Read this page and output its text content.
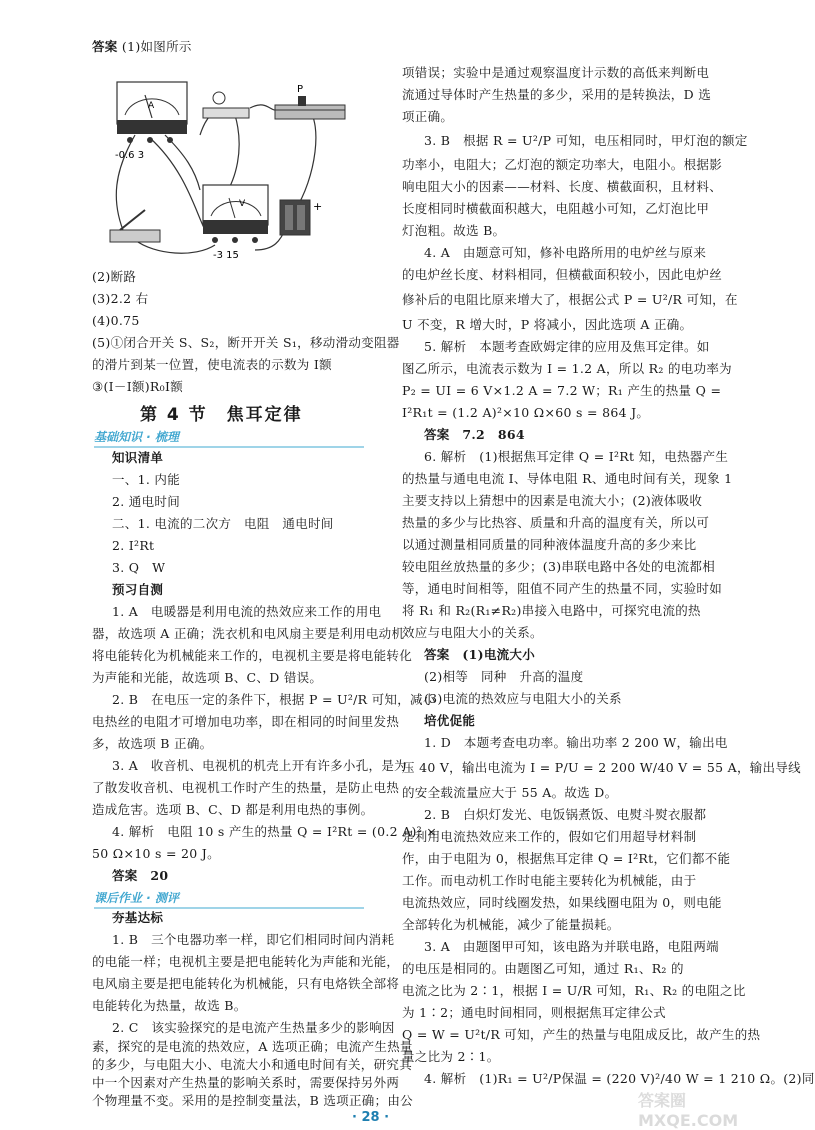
答案 (1)如图所示
A
-0.6 3
P
V
-3 15
+
(2)断路
(3)2.2 右
(4)0.75
(5)①闭合开关 S、S₂，断开开关 S₁，移动滑动变阻器
的滑片到某一位置，使电流表的示数为 I额
③(I－I额)R₀I额
第 4 节　焦耳定律
基础知识 · 梳理
知识清单
一、1. 内能
2. 通电时间
二、1. 电流的二次方　电阻　通电时间
2. I²Rt
3. Q　W
预习自测
1. A　电暖器是利用电流的热效应来工作的用电
器，故选项 A 正确；洗衣机和电风扇主要是利用电动机
将电能转化为机械能来工作的，电视机主要是将电能转化
为声能和光能，故选项 B、C、D 错误。
2. B　在电压一定的条件下，根据 P = U²/R 可知，减小
电热丝的电阻才可增加电功率，即在相同的时间里发热
多，故选项 B 正确。
3. A　收音机、电视机的机壳上开有许多小孔，是为
了散发收音机、电视机工作时产生的热量，是防止电热
造成危害。选项 B、C、D 都是利用电热的事例。
4. 解析　电阻 10 s 产生的热量 Q = I²Rt = (0.2 A)² ×
50 Ω×10 s = 20 J。
答案　20
课后作业 · 测评
夯基达标
1. B　三个电器功率一样，即它们相同时间内消耗
的电能一样；电视机主要是把电能转化为声能和光能，
电风扇主要是把电能转化为机械能，只有电烙铁全部将
电能转化为热量，故选 B。
2. C　该实验探究的是电流产生热量多少的影响因
素，探究的是电流的热效应，A 选项正确；电流产生热量
的多少，与电阻大小、电流大小和通电时间有关，研究其
中一个因素对产生热量的影响关系时，需要保持另外两
个物理量不变。采用的是控制变量法，B 选项正确；由公
项错误；实验中是通过观察温度计示数的高低来判断电
流通过导体时产生热量的多少，采用的是转换法，D 选
项正确。
3. B　根据 R = U²/P 可知，电压相同时，甲灯泡的额定
功率小，电阻大；乙灯泡的额定功率大，电阻小。根据影
响电阻大小的因素——材料、长度、横截面积，且材料、
长度相同时横截面积越大，电阻越小可知，乙灯泡比甲
灯泡粗。故选 B。
4. A　由题意可知，修补电路所用的电炉丝与原来
的电炉丝长度、材料相同，但横截面积较小，因此电炉丝
修补后的电阻比原来增大了，根据公式 P = U²/R 可知，在
U 不变，R 增大时，P 将减小，因此选项 A 正确。
5. 解析　本题考查欧姆定律的应用及焦耳定律。如
图乙所示，电流表示数为 I = 1.2 A，所以 R₂ 的电功率为
P₂ = UI = 6 V×1.2 A = 7.2 W；R₁ 产生的热量 Q =
I²R₁t = (1.2 A)²×10 Ω×60 s = 864 J。
答案　7.2　864
6. 解析　(1)根据焦耳定律 Q = I²Rt 知，电热器产生
的热量与通电电流 I、导体电阻 R、通电时间有关，现象 1
主要支持以上猜想中的因素是电流大小；(2)液体吸收
热量的多少与比热容、质量和升高的温度有关，所以可
以通过测量相同质量的同种液体温度升高的多少来比
较电阻丝放热量的多少；(3)串联电路中各处的电流都相
等，通电时间相等，阻值不同产生的热量不同，实验时如
将 R₁ 和 R₂(R₁≠R₂)串接入电路中，可探究电流的热
效应与电阻大小的关系。
答案　(1)电流大小
(2)相等　同种　升高的温度
(3)电流的热效应与电阻大小的关系
培优促能
1. D　本题考查电功率。输出功率 2 200 W，输出电
压 40 V，输出电流为 I = P/U = 2 200 W/40 V = 55 A，输出导线
的安全载流量应大于 55 A。故选 D。
2. B　白炽灯发光、电饭锅煮饭、电熨斗熨衣服都
是利用电流热效应来工作的，假如它们用超导材料制
作，由于电阻为 0，根据焦耳定律 Q = I²Rt，它们都不能
工作。而电动机工作时电能主要转化为机械能，由于
电流热效应，同时线圈发热，如果线圈电阻为 0，则电能
全部转化为机械能，减少了能量损耗。
3. A　由题图甲可知，该电路为并联电路，电阻两端
的电压是相同的。由题图乙可知，通过 R₁、R₂ 的
电流之比为 2∶1，根据 I = U/R 可知，R₁、R₂ 的电阻之比
为 1∶2；通电时间相同，则根据焦耳定律公式
Q = W = U²t/R 可知，产生的热量与电阻成反比，故产生的热
量之比为 2∶1。
4. 解析　(1)R₁ = U²/P保温 = (220 V)²/40 W = 1 210 Ω。(2)同
· 28 ·
答案圈 MXQE.COM
